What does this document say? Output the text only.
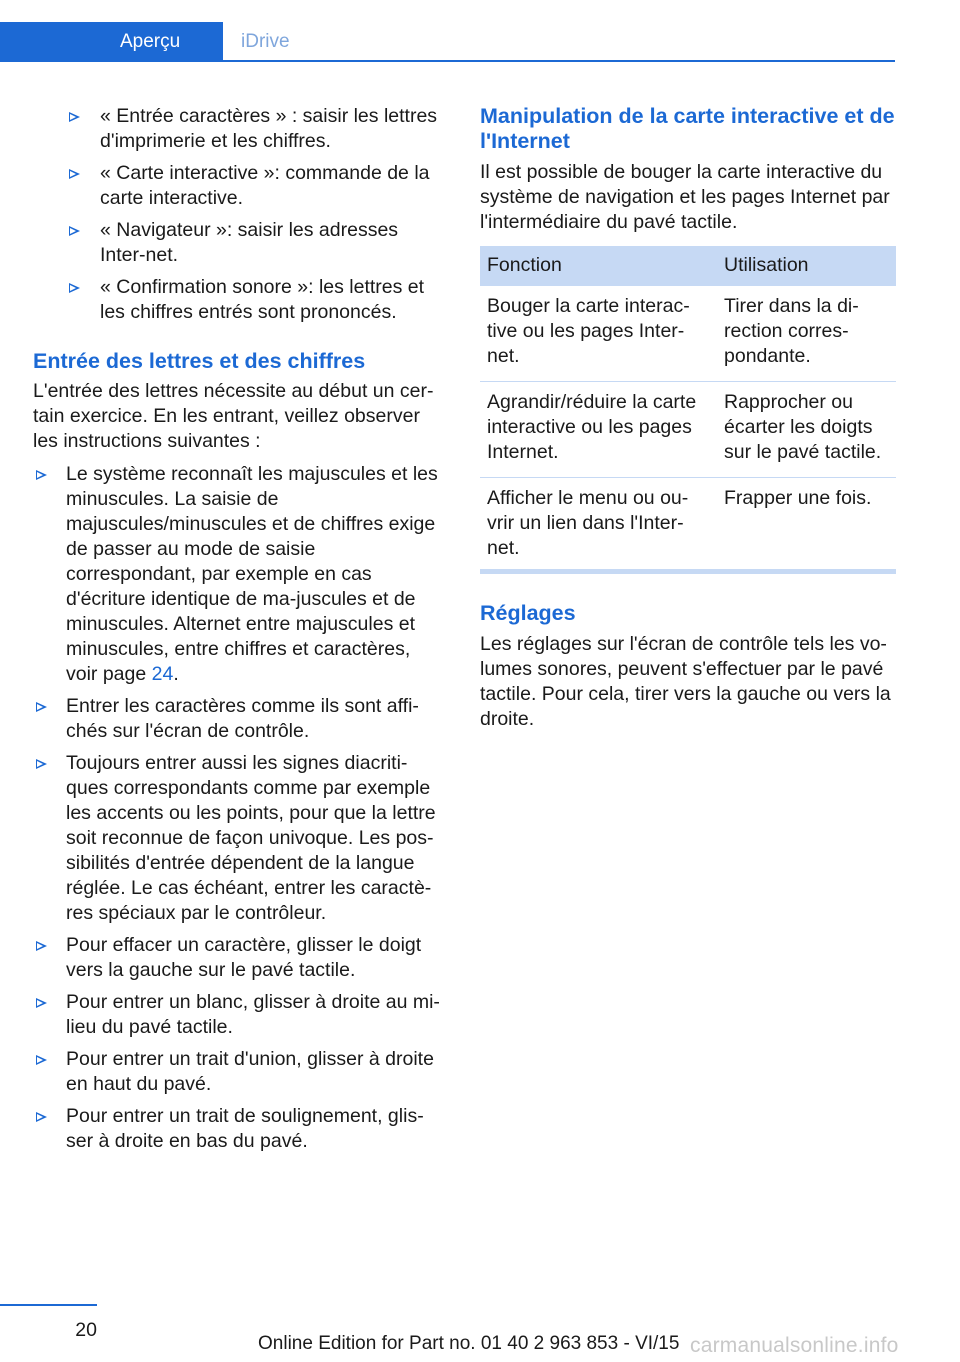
Aperçu	iDrive
« Entrée caractères » : saisir les lettres d'imprimerie et les chiffres.
« Carte interactive »: commande de la carte interactive.
« Navigateur »: saisir les adresses Inter‐net.
« Confirmation sonore »: les lettres et les chiffres entrés sont prononcés.
Entrée des lettres et des chiffres

L'entrée des lettres nécessite au début un cer‐tain exercice. En les entrant, veillez observer les instructions suivantes :

Le système reconnaît les majuscules et les minuscules. La saisie de majuscules/minuscules et de chiffres exige de passer au mode de saisie correspondant, par exemple en cas d'écriture identique de ma‐juscules et de minuscules. Alternet entre majuscules et minuscules, entre chiffres et caractères, voir page 24.
Entrer les caractères comme ils sont affi‐chés sur l'écran de contrôle.
Toujours entrer aussi les signes diacriti‐ques correspondants comme par exemple les accents ou les points, pour que la lettre soit reconnue de façon univoque. Les pos‐sibilités d'entrée dépendent de la langue réglée. Le cas échéant, entrer les caractè‐res spéciaux par le contrôleur.
Pour effacer un caractère, glisser le doigt vers la gauche sur le pavé tactile.
Pour entrer un blanc, glisser à droite au mi‐lieu du pavé tactile.
Pour entrer un trait d'union, glisser à droite en haut du pavé.
Pour entrer un trait de soulignement, glis‐ser à droite en bas du pavé.
Manipulation de la carte interactive et de l'Internet

Il est possible de bouger la carte interactive du système de navigation et les pages Internet par l'intermédiaire du pavé tactile.

Fonction	Utilisation
Bouger la carte interac‐tive ou les pages Inter‐net.	Tirer dans la di‐rection corres‐pondante.
Agrandir/réduire la carte interactive ou les pages Internet.	Rapprocher ou écarter les doigts sur le pavé tactile.
Afficher le menu ou ou‐vrir un lien dans l'Inter‐net.	Frapper une fois.
Réglages

Les réglages sur l'écran de contrôle tels les vo‐lumes sonores, peuvent s'effectuer par le pavé tactile. Pour cela, tirer vers la gauche ou vers la droite.

20
Online Edition for Part no. 01 40 2 963 853 - VI/15 carmanualsonline.info
